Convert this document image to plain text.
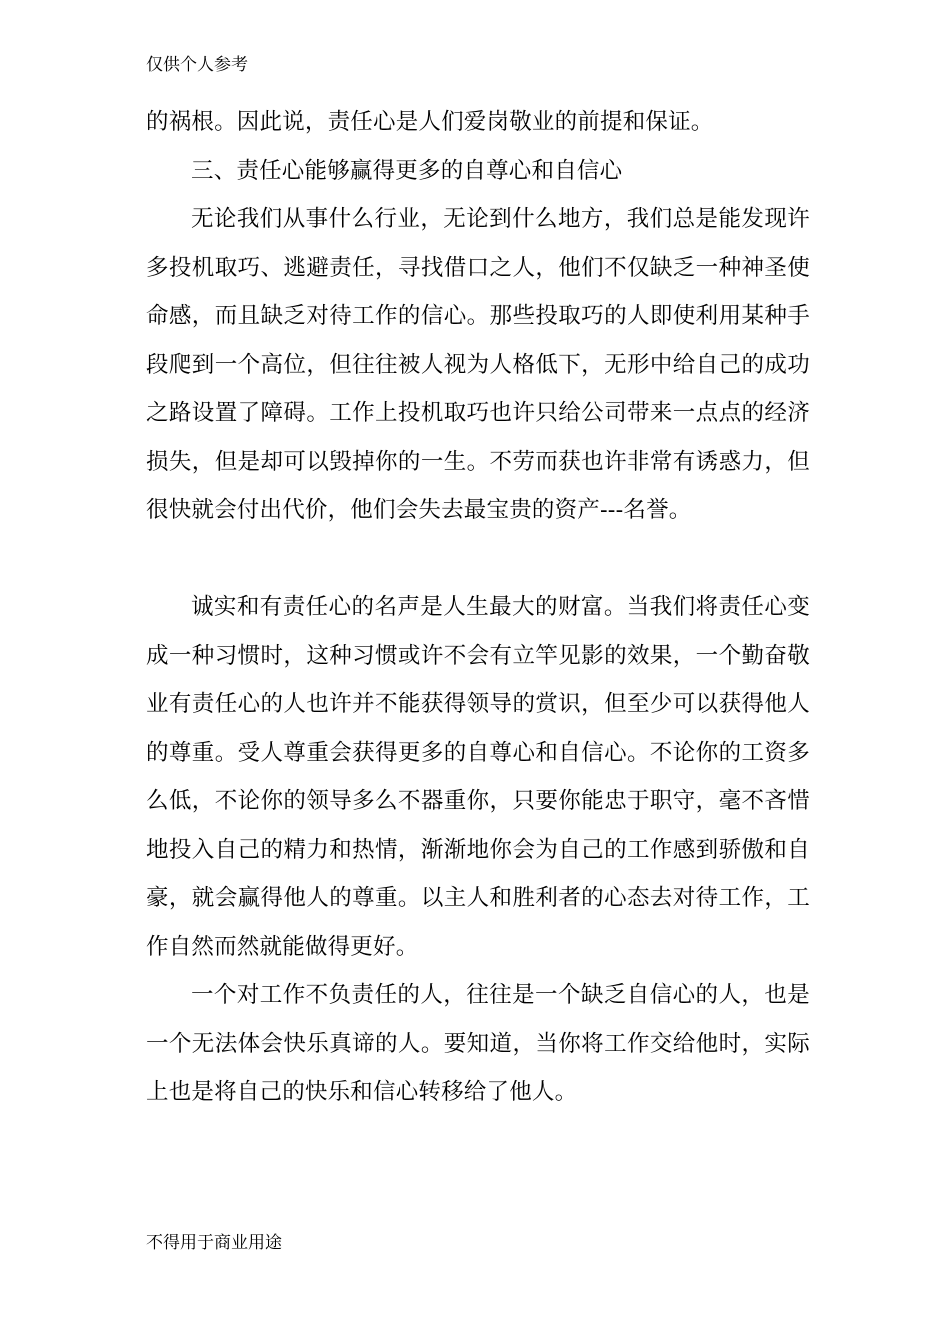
仅供个人参考

的祸根。因此说，责任心是人们爱岗敬业的前提和保证。

三、责任心能够赢得更多的自尊心和自信心

无论我们从事什么行业，无论到什么地方，我们总是能发现许多投机取巧、逃避责任，寻找借口之人，他们不仅缺乏一种神圣使命感，而且缺乏对待工作的信心。那些投取巧的人即使利用某种手段爬到一个高位，但往往被人视为人格低下，无形中给自己的成功之路设置了障碍。工作上投机取巧也许只给公司带来一点点的经济损失，但是却可以毁掉你的一生。不劳而获也许非常有诱惑力，但很快就会付出代价，他们会失去最宝贵的资产---名誉。

诚实和有责任心的名声是人生最大的财富。当我们将责任心变成一种习惯时，这种习惯或许不会有立竿见影的效果，一个勤奋敬业有责任心的人也许并不能获得领导的赏识，但至少可以获得他人的尊重。受人尊重会获得更多的自尊心和自信心。不论你的工资多么低，不论你的领导多么不器重你，只要你能忠于职守，毫不吝惜地投入自己的精力和热情，渐渐地你会为自己的工作感到骄傲和自豪，就会赢得他人的尊重。以主人和胜利者的心态去对待工作，工作自然而然就能做得更好。

一个对工作不负责任的人，往往是一个缺乏自信心的人，也是一个无法体会快乐真谛的人。要知道，当你将工作交给他时，实际上也是将自己的快乐和信心转移给了他人。

不得用于商业用途
